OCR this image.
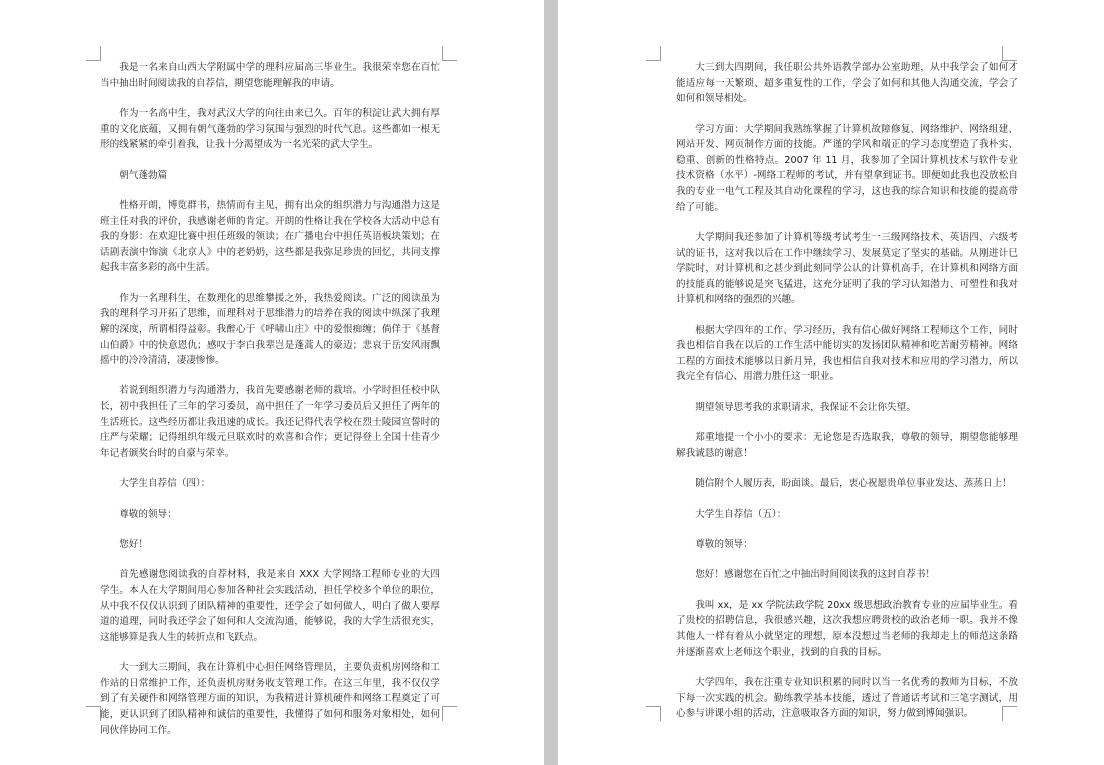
我是一名来自山西大学附属中学的理科应届高三毕业生。我很荣幸您在百忙当中抽出时间阅读我的自荐信，期望您能理解我的申请。

作为一名高中生，我对武汉大学的向往由来已久。百年的积淀让武大拥有厚重的文化底蕴，又拥有朝气蓬勃的学习氛围与强烈的时代气息。这些都如一根无形的线紧紧的牵引着我，让我十分渴望成为一名光荣的武大学生。

朝气蓬勃篇

性格开朗，博览群书，热情而有主见，拥有出众的组织潜力与沟通潜力这是班主任对我的评价，我感谢老师的肯定。开朗的性格让我在学校各大活动中总有我的身影：在欢迎比赛中担任班级的领读；在广播电台中担任英语板块策划；在话剧表演中饰演《北京人》中的老奶奶，这些都是我弥足珍贵的回忆，共同支撑起我丰富多彩的高中生活。

作为一名理科生，在数理化的思维攀援之外，我热爱阅读。广泛的阅读虽为我的理科学习开拓了思维，而理科对于思维潜力的培养在我的阅读中纵深了我理解的深度，所谓相得益彰。我醉心于《呼啸山庄》中的爱恨痴缠；倘佯于《基督山伯爵》中的快意恩仇；感叹于李白我辈岂是蓬蒿人的豪迈；悲哀于岳安风雨飘摇中的冷冷清清，凄凄惨惨。

若说到组织潜力与沟通潜力，我首先要感谢老师的栽培。小学时担任校中队长，初中我担任了三年的学习委员，高中担任了一年学习委员后又担任了两年的生活班长。这些经历都让我迅速的成长。我还记得代表学校在烈士陵园宣誓时的庄严与荣耀；记得组织年级元旦联欢时的欢喜和合作；更记得登上全国十佳青少年记者颁奖台时的自豪与荣幸。

大学生自荐信（四）：

尊敬的领导：

您好！

首先感谢您阅读我的自荐材料，我是来自 XXX 大学网络工程师专业的大四学生。本人在大学期间用心参加各种社会实践活动，担任学校多个单位的职位，从中我不仅仅认识到了团队精神的重要性，还学会了如何做人，明白了做人要厚道的道理，同时我还学会了如何和人交流沟通，能够说，我的大学生活很充实，这能够算是我人生的转折点和飞跃点。

大一到大三期间，我在计算机中心担任网络管理员，主要负责机房网络和工作站的日常维护工作，还负责机房财务收支管理工作。在这三年里，我不仅仅学到了有关硬件和网络管理方面的知识，为我精进计算机硬件和网络工程奠定了可能，更认识到了团队精神和诚信的重要性，我懂得了如何和服务对象相处，如何同伙伴协同工作。

大三到大四期间，我任职公共外语教学部办公室助理，从中我学会了如何才能适应每一天繁琐、超多重复性的工作，学会了如何和其他人沟通交流，学会了如何和领导相处。

学习方面：大学期间我熟练掌握了计算机故障修复、网络维护、网络组建、网站开发、网页制作方面的技能。严谨的学风和端正的学习态度塑造了我朴实、稳重、创新的性格特点。2007 年 11 月，我参加了全国计算机技术与软件专业技术资格（水平）-网络工程师的考试，并有望拿到证书。即便如此我也没放松自我的专业一电气工程及其自动化课程的学习，这也我的综合知识和技能的提高带给了可能。

大学期间我还参加了计算机等级考试考生一三级网络技术、英语四、六级考试的证书，这对我以后在工作中继续学习、发展莫定了坚实的基础。从刚进计巳学院时，对计算机和之甚少到此刻同学公认的计算机高手，在计算机和网络方面的技能真的能够说是突飞猛进，这充分证明了我的学习认知潜力、可塑性和我对计算机和网络的强烈的兴趣。

根据大学四年的工作、学习经历，我有信心做好网络工程师这个工作，同时我也相信自我在以后的工作生活中能切实的发扬团队精神和吃苦耐劳精神。网络工程的方面技术能够以日新月异，我也相信自我对技术和应用的学习潜力，所以我完全有信心、用潜力胜任这一职业。

期望领导思考我的求职请求，我保证不会让你失望。

郑重地提一个小小的要求：无论您是否选取我，尊敬的领导，期望您能够理解我诚恳的谢意！

随信附个人履历表，盼面谈。最后，衷心祝愿贵单位事业发达、蒸蒸日上！

大学生自荐信（五）：

尊敬的领导：

您好！感谢您在百忙之中抽出时间阅读我的这封自荐书！

我叫 xx，是 xx 学院法政学院 20xx 级思想政治教育专业的应届毕业生。看了贵校的招聘信息，我很感兴趣，这次我想应聘贵校的政治老师一职。我并不像其他人一样有着从小就坚定的理想，原本没想过当老师的我却走上的师范这条路并逐渐喜欢上老师这个职业，找到的自我的目标。

大学四年，我在注重专业知识积累的同时以当一名优秀的教师为目标，不放下每一次实践的机会。勤练教学基本技能，透过了普通话考试和三笔字测试，用心参与讲课小组的活动，注意吸取各方面的知识，努力做到博闻强识。
